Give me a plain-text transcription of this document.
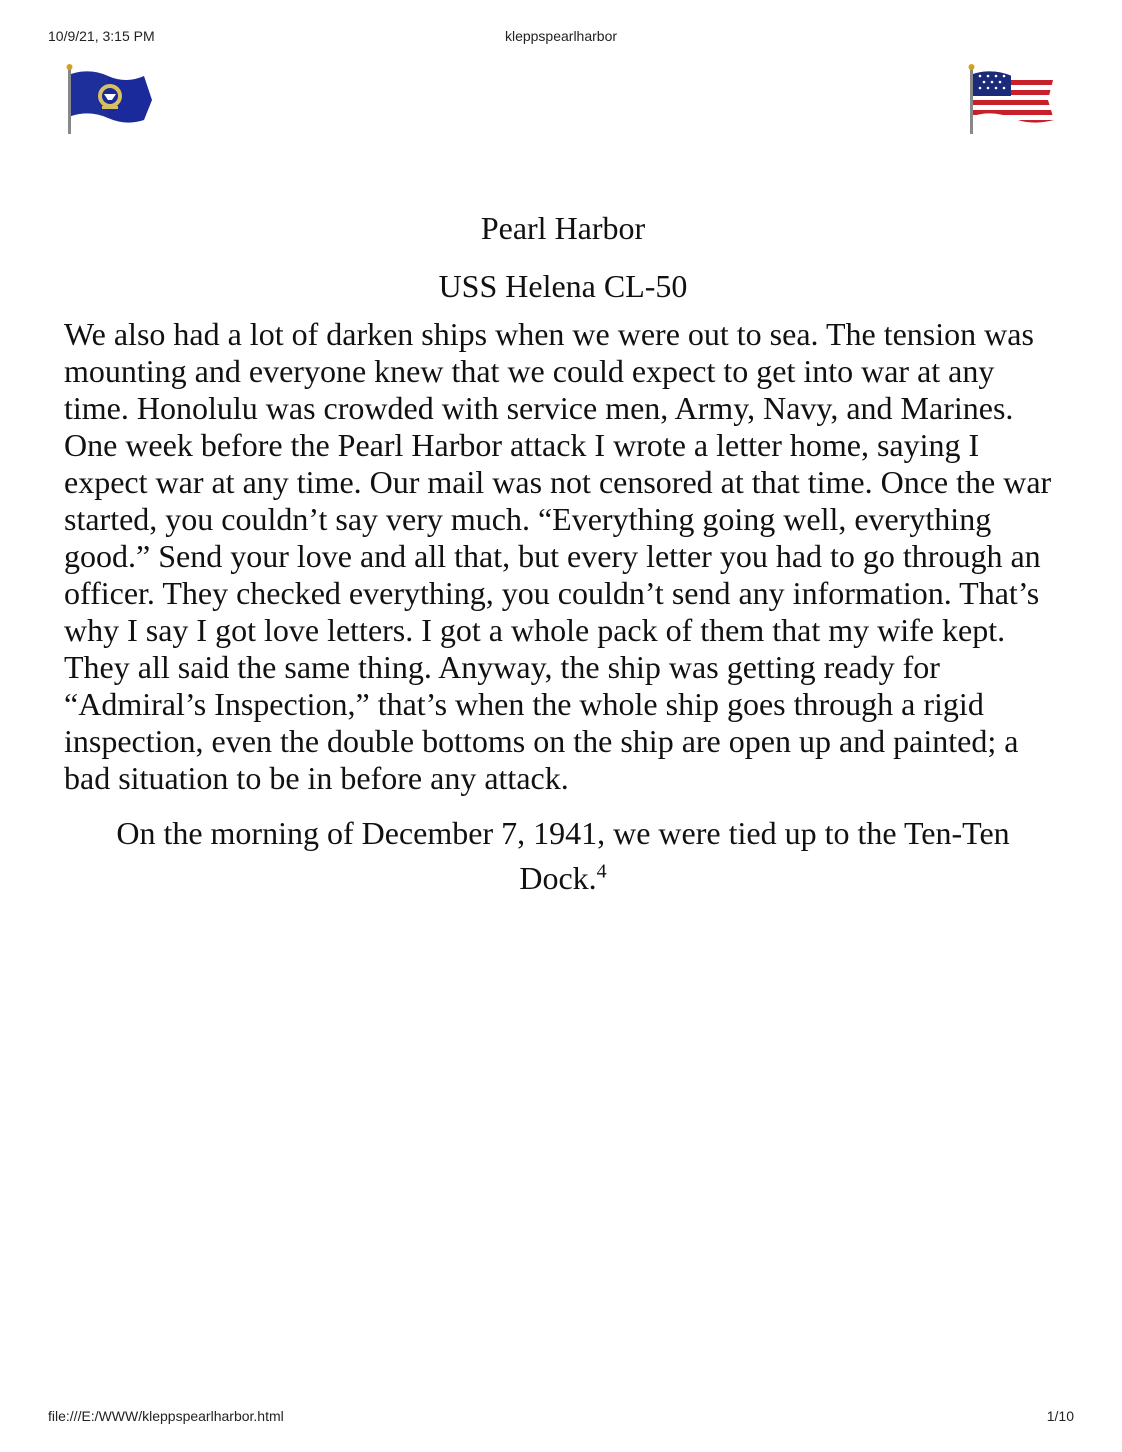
10/9/21, 3:15 PM	kleppspearlharbor
Pearl Harbor
USS Helena CL-50

We also had a lot of darken ships when we were out to sea. The tension was mounting and everyone knew that we could expect to get into war at any time. Honolulu was crowded with service men, Army, Navy, and Marines. One week before the Pearl Harbor attack I wrote a letter home, saying I expect war at any time. Our mail was not censored at that time. Once the war started, you couldn’t say very much. “Everything going well, everything good.” Send your love and all that, but every letter you had to go through an officer. They checked everything, you couldn’t send any information. That’s why I say I got love letters. I got a whole pack of them that my wife kept. They all said the same thing. Anyway, the ship was getting ready for “Admiral’s Inspection,” that’s when the whole ship goes through a rigid inspection, even the double bottoms on the ship are open up and painted; a bad situation to be in before any attack.

On the morning of December 7, 1941, we were tied up to the Ten-Ten Dock.$^4$

file:///E:/WWW/kleppspearlharbor.html	1/10
